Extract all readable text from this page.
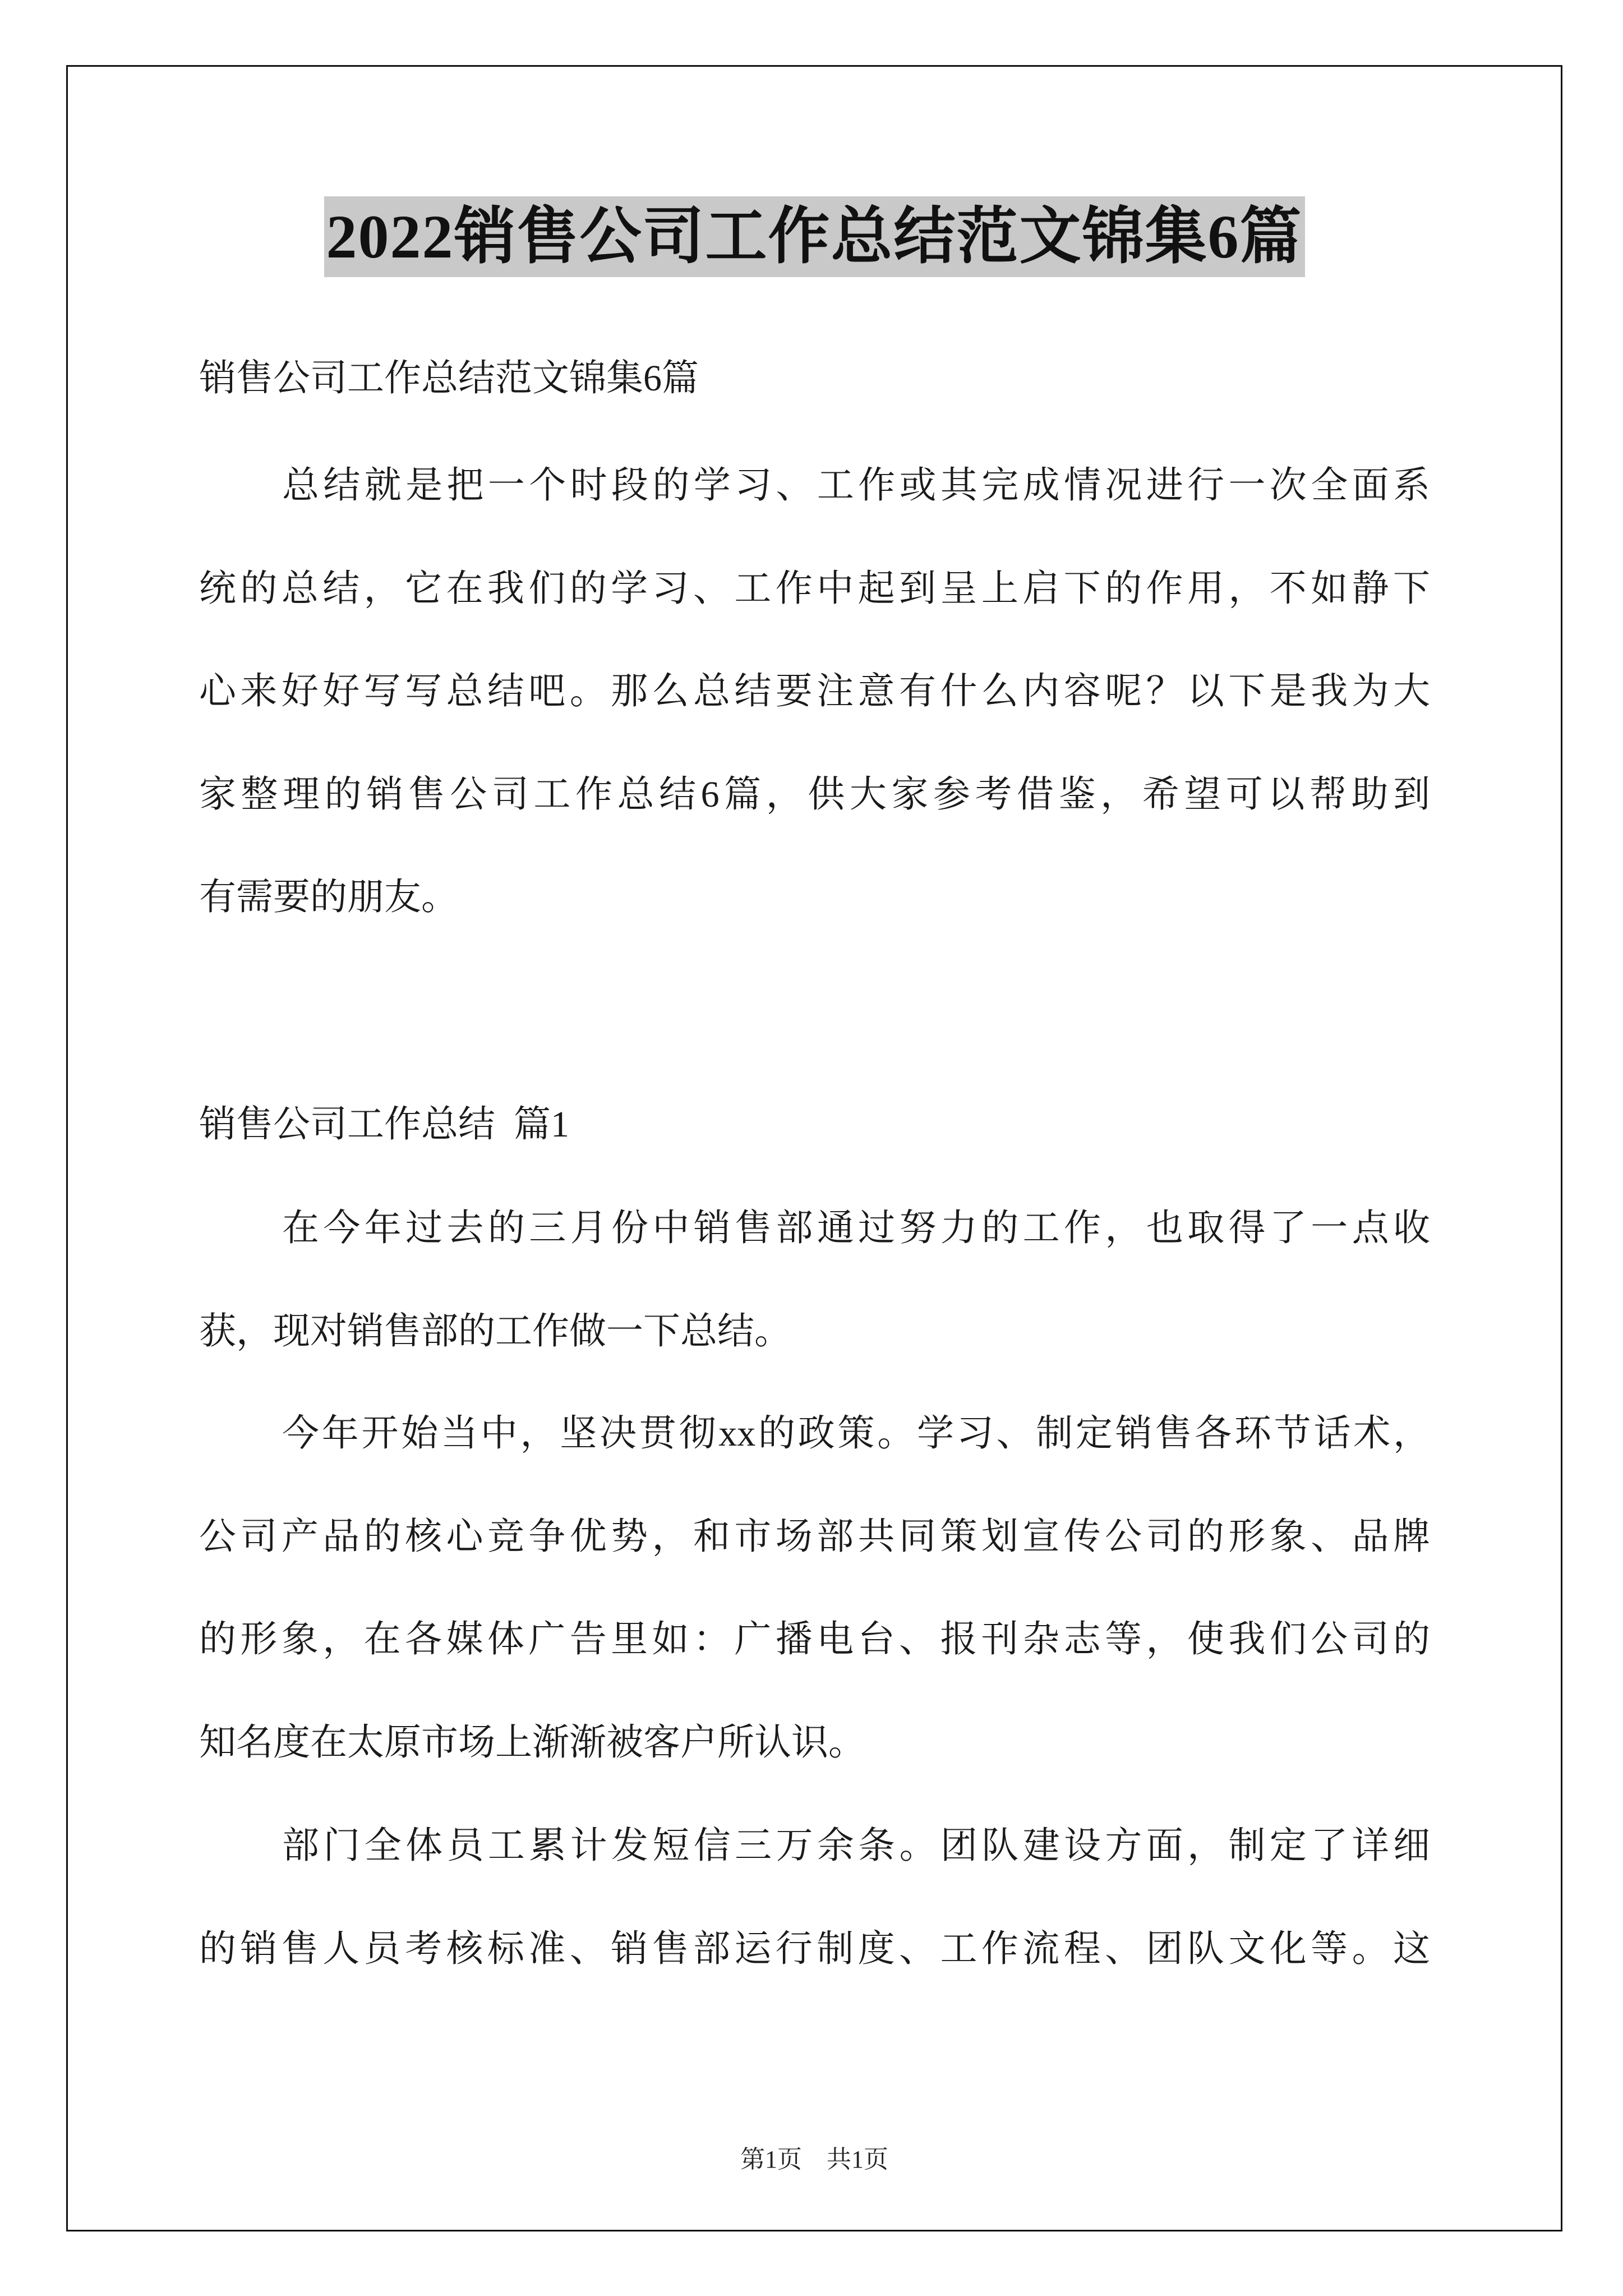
2022销售公司工作总结范文锦集6篇
销售公司工作总结范文锦集6篇
总结就是把一个时段的学习、工作或其完成情况进行一次全面系
统的总结，它在我们的学习、工作中起到呈上启下的作用，不如静下
心来好好写写总结吧。那么总结要注意有什么内容呢？以下是我为大
家整理的销售公司工作总结6篇，供大家参考借鉴，希望可以帮助到
有需要的朋友。
销售公司工作总结  篇1
在今年过去的三月份中销售部通过努力的工作，也取得了一点收
获，现对销售部的工作做一下总结。
今年开始当中，坚决贯彻xx的政策。学习、制定销售各环节话术，
公司产品的核心竞争优势，和市场部共同策划宣传公司的形象、品牌
的形象，在各媒体广告里如：广播电台、报刊杂志等，使我们公司的
知名度在太原市场上渐渐被客户所认识。
部门全体员工累计发短信三万余条。团队建设方面，制定了详细
的销售人员考核标准、销售部运行制度、工作流程、团队文化等。这
第1页    共1页
